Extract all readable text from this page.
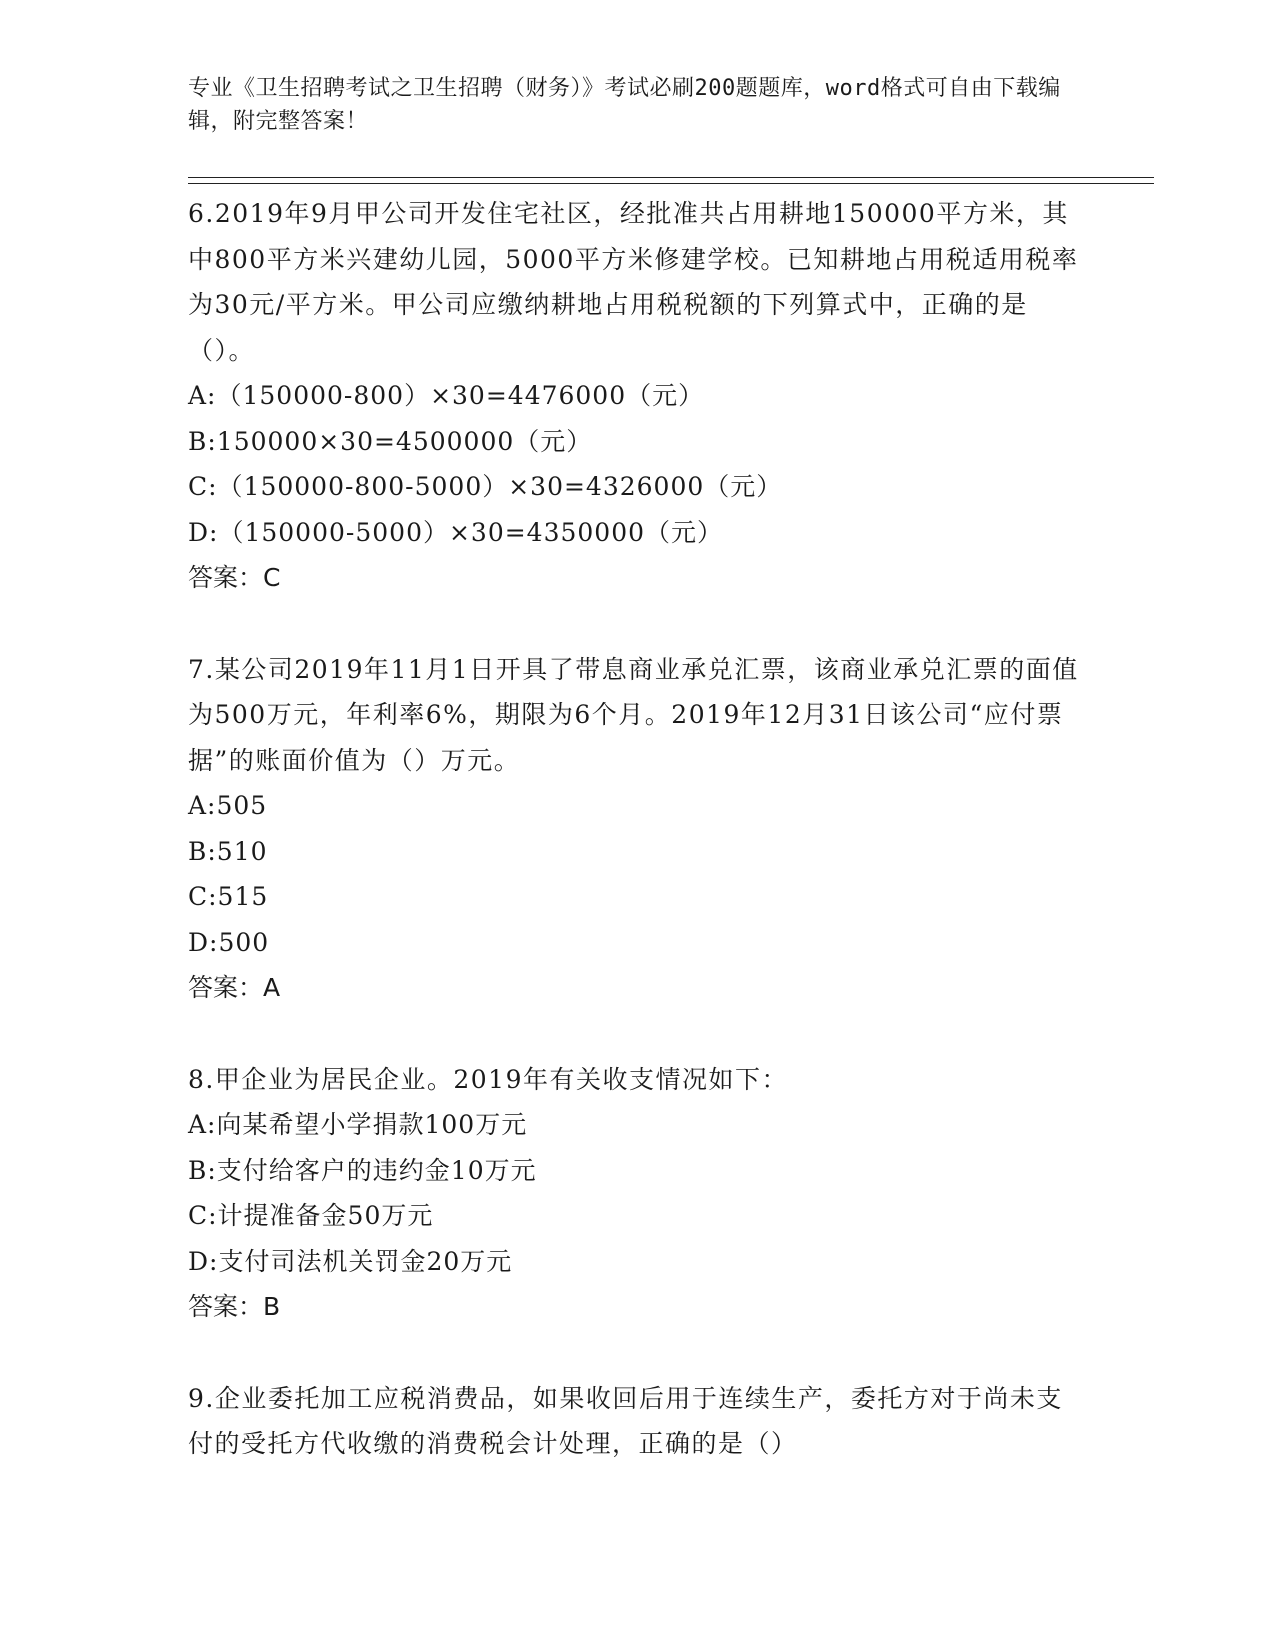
专业《卫生招聘考试之卫生招聘（财务）》考试必刷200题题库，word格式可自由下载编辑，附完整答案！

6.2019年9月甲公司开发住宅社区，经批准共占用耕地150000平方米，其中800平方米兴建幼儿园，5000平方米修建学校。已知耕地占用税适用税率为30元/平方米。甲公司应缴纳耕地占用税税额的下列算式中，正确的是（）。

A:（150000-800）×30=4476000（元）

B:150000×30=4500000（元）

C:（150000-800-5000）×30=4326000（元）

D:（150000-5000）×30=4350000（元）

答案：C

7.某公司2019年11月1日开具了带息商业承兑汇票，该商业承兑汇票的面值为500万元，年利率6%，期限为6个月。2019年12月31日该公司“应付票据”的账面价值为（）万元。

A:505

B:510

C:515

D:500

答案：A

8.甲企业为居民企业。2019年有关收支情况如下：

A:向某希望小学捐款100万元

B:支付给客户的违约金10万元

C:计提准备金50万元

D:支付司法机关罚金20万元

答案：B

9.企业委托加工应税消费品，如果收回后用于连续生产，委托方对于尚未支付的受托方代收缴的消费税会计处理，正确的是（）
